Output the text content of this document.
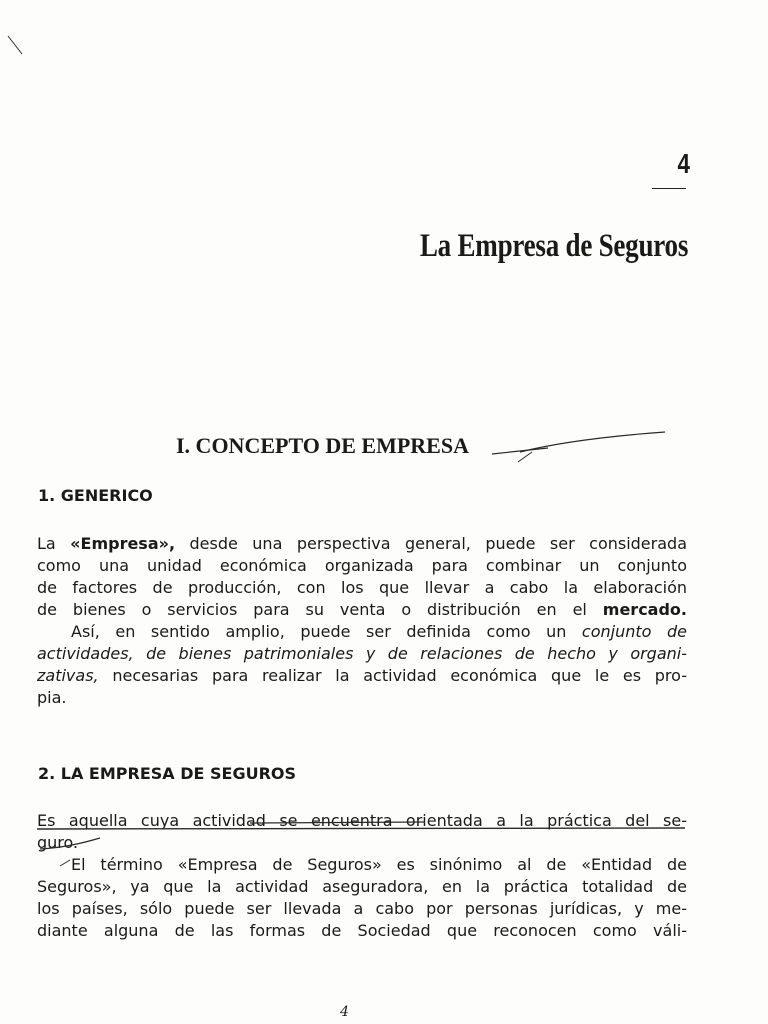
4
La Empresa de Seguros
I. CONCEPTO DE EMPRESA
1. GENERICO
La «Empresa», desde una perspectiva general, puede ser considerada
como una unidad económica organizada para combinar un conjunto
de factores de producción, con los que llevar a cabo la elaboración
de bienes o servicios para su venta o distribución en el mercado.
Así, en sentido amplio, puede ser definida como un conjunto de
actividades, de bienes patrimoniales y de relaciones de hecho y organi-
zativas, necesarias para realizar la actividad económica que le es pro-
pia.
2. LA EMPRESA DE SEGUROS
Es aquella cuya actividad se encuentra orientada a la práctica del se-
guro.
El término «Empresa de Seguros» es sinónimo al de «Entidad de
Seguros», ya que la actividad aseguradora, en la práctica totalidad de
los países, sólo puede ser llevada a cabo por personas jurídicas, y me-
diante alguna de las formas de Sociedad que reconocen como váli-
4
